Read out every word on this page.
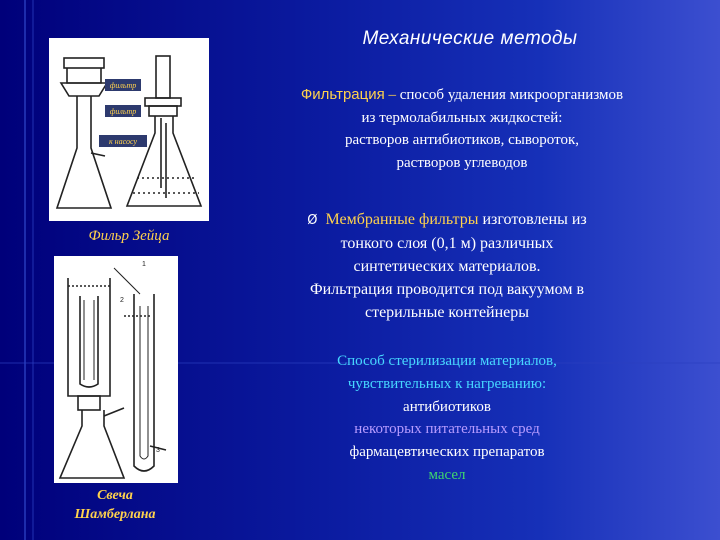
Механические методы
Фильтрация – способ удаления микроорганизмов
из термолабильных жидкостей:
растворов антибиотиков, сывороток,
растворов углеводов
Ø Мембранные фильтры изготовлены из
тонкого слоя (0,1 м) различных
синтетических материалов.
Фильтрация проводится под вакуумом в
стерильные контейнеры
Способ стерилизации материалов,
чувствительных к нагреванию:
антибиотиков
некоторых питательных сред
фармацевтических препаратов
масел
фильтр
фильтр
к насосу
Фильр Зейца
1
2
3
Свеча
Шамберлана
